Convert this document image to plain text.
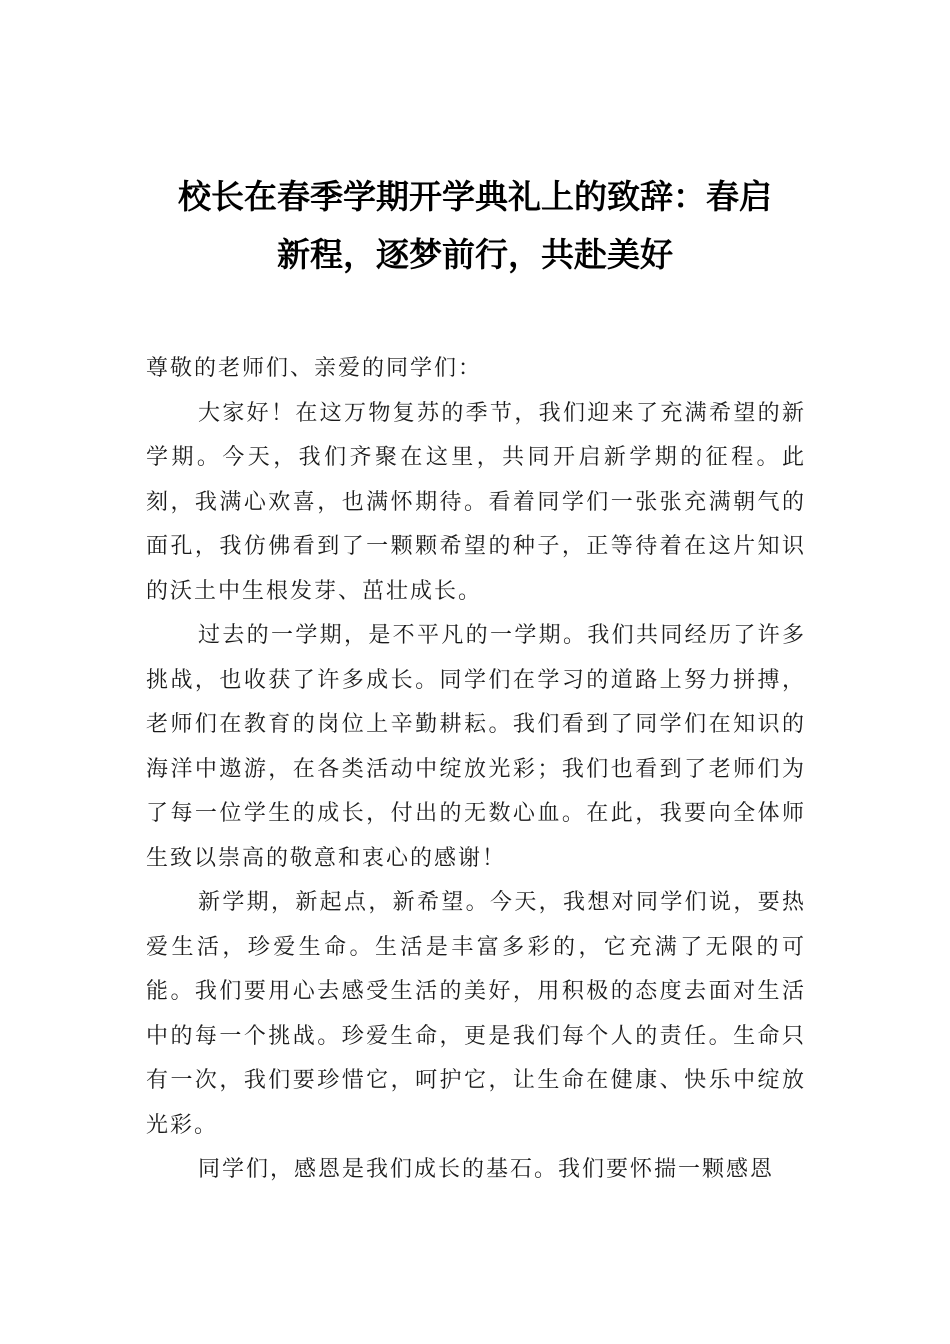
校长在春季学期开学典礼上的致辞：春启
新程，逐梦前行，共赴美好

尊敬的老师们、亲爱的同学们：

大家好！在这万物复苏的季节，我们迎来了充满希望的新学期。今天，我们齐聚在这里，共同开启新学期的征程。此刻，我满心欢喜，也满怀期待。看着同学们一张张充满朝气的面孔，我仿佛看到了一颗颗希望的种子，正等待着在这片知识的沃土中生根发芽、茁壮成长。

过去的一学期，是不平凡的一学期。我们共同经历了许多挑战，也收获了许多成长。同学们在学习的道路上努力拼搏，老师们在教育的岗位上辛勤耕耘。我们看到了同学们在知识的海洋中遨游，在各类活动中绽放光彩；我们也看到了老师们为了每一位学生的成长，付出的无数心血。在此，我要向全体师生致以崇高的敬意和衷心的感谢！

新学期，新起点，新希望。今天，我想对同学们说，要热爱生活，珍爱生命。生活是丰富多彩的，它充满了无限的可能。我们要用心去感受生活的美好，用积极的态度去面对生活中的每一个挑战。珍爱生命，更是我们每个人的责任。生命只有一次，我们要珍惜它，呵护它，让生命在健康、快乐中绽放光彩。

同学们，感恩是我们成长的基石。我们要怀揣一颗感恩
